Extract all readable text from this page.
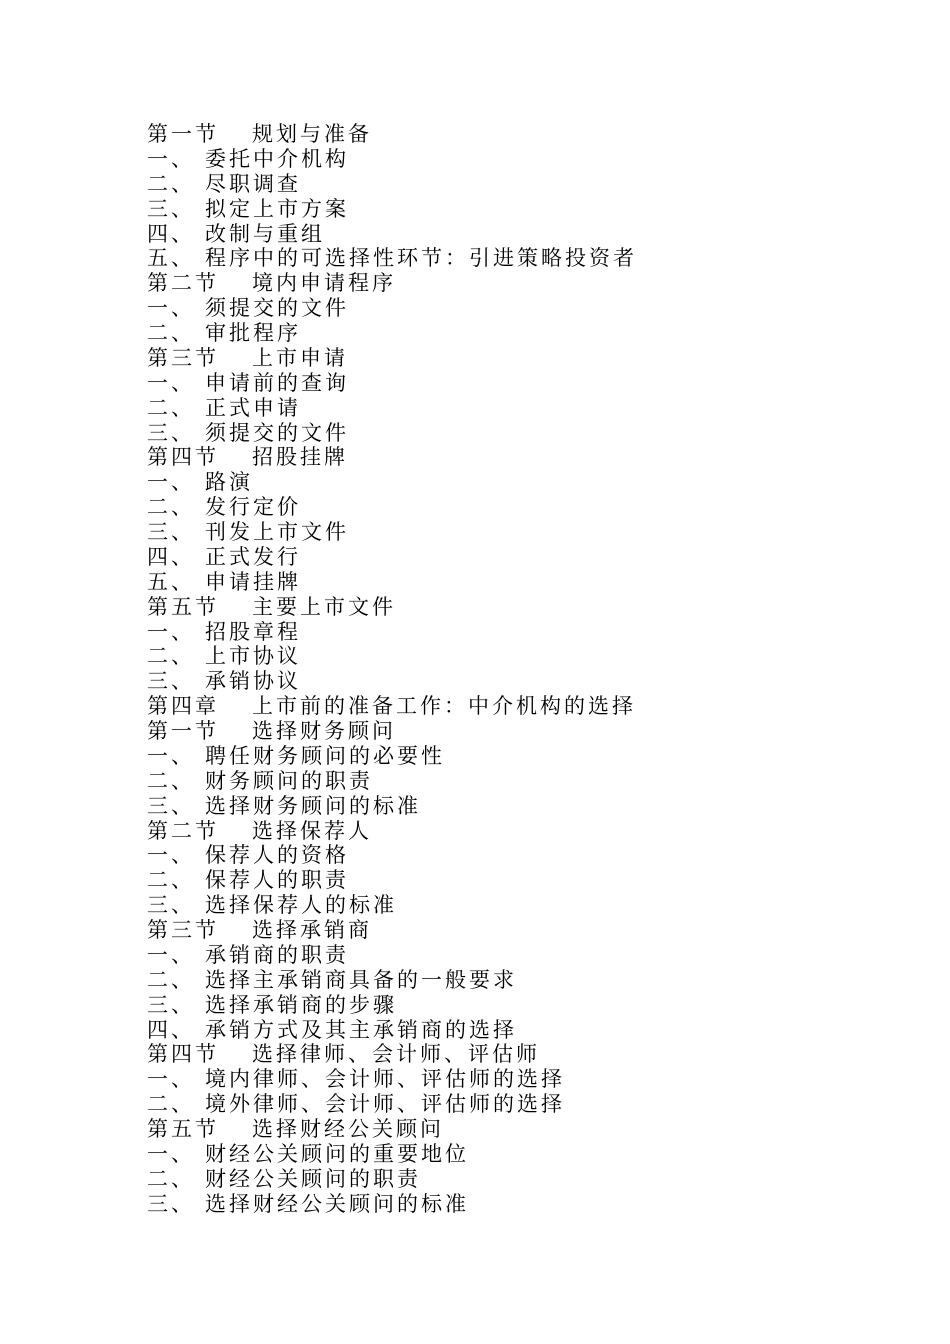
第一节	规划与准备
一、 委托中介机构
二、 尽职调查
三、 拟定上市方案
四、 改制与重组
五、 程序中的可选择性环节：引进策略投资者
第二节	境内申请程序
一、 须提交的文件
二、 审批程序
第三节	上市申请
一、 申请前的查询
二、 正式申请
三、 须提交的文件
第四节	招股挂牌
一、 路演
二、 发行定价
三、 刊发上市文件
四、 正式发行
五、 申请挂牌
第五节	主要上市文件
一、 招股章程
二、 上市协议
三、 承销协议
第四章	上市前的准备工作：中介机构的选择
第一节	选择财务顾问
一、 聘任财务顾问的必要性
二、 财务顾问的职责
三、 选择财务顾问的标准
第二节	选择保荐人
一、 保荐人的资格
二、 保荐人的职责
三、 选择保荐人的标准
第三节	选择承销商
一、 承销商的职责
二、 选择主承销商具备的一般要求
三、 选择承销商的步骤
四、 承销方式及其主承销商的选择
第四节	选择律师、会计师、评估师
一、 境内律师、会计师、评估师的选择
二、 境外律师、会计师、评估师的选择
第五节	选择财经公关顾问
一、 财经公关顾问的重要地位
二、 财经公关顾问的职责
三、 选择财经公关顾问的标准
